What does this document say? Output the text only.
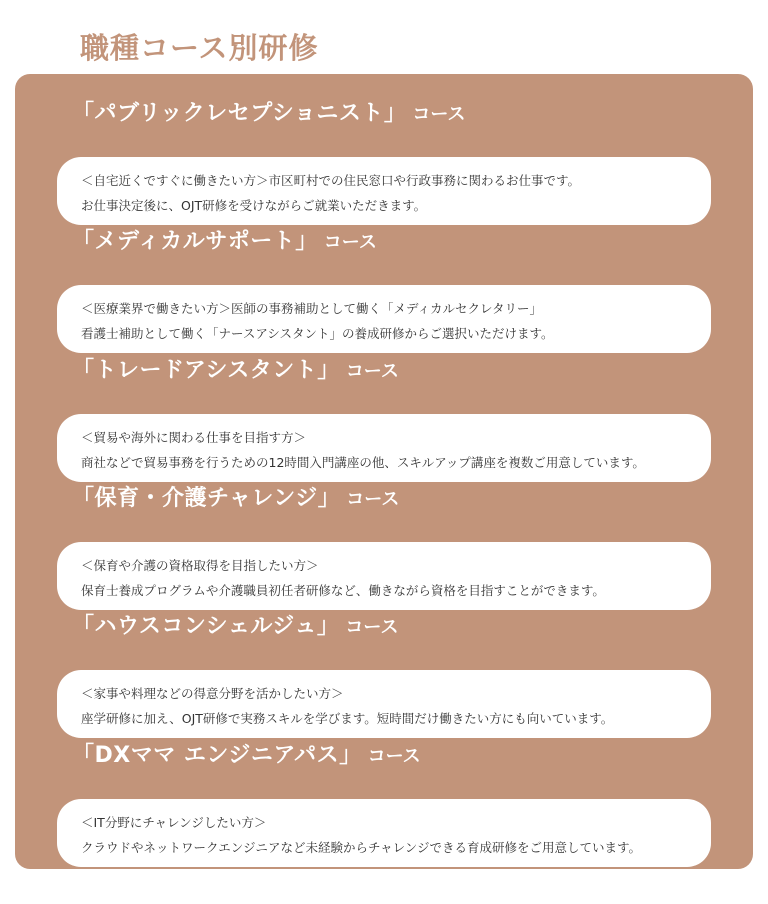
職種コース別研修
「パブリックレセプショニスト」 コース
＜自宅近くですぐに働きたい方＞市区町村での住民窓口や行政事務に関わるお仕事です。
お仕事決定後に、OJT研修を受けながらご就業いただきます。
「メディカルサポート」 コース
＜医療業界で働きたい方＞医師の事務補助として働く「メディカルセクレタリー」
看護士補助として働く「ナースアシスタント」の養成研修からご選択いただけます。
「トレードアシスタント」 コース
＜貿易や海外に関わる仕事を目指す方＞
商社などで貿易事務を行うための12時間入門講座の他、スキルアップ講座を複数ご用意しています。
「保育・介護チャレンジ」 コース
＜保育や介護の資格取得を目指したい方＞
保育士養成プログラムや介護職員初任者研修など、働きながら資格を目指すことができます。
「ハウスコンシェルジュ」 コース
＜家事や料理などの得意分野を活かしたい方＞
座学研修に加え、OJT研修で実務スキルを学びます。短時間だけ働きたい方にも向いています。
「DXママ エンジニアパス」 コース
＜IT分野にチャレンジしたい方＞
クラウドやネットワークエンジニアなど未経験からチャレンジできる育成研修をご用意しています。
